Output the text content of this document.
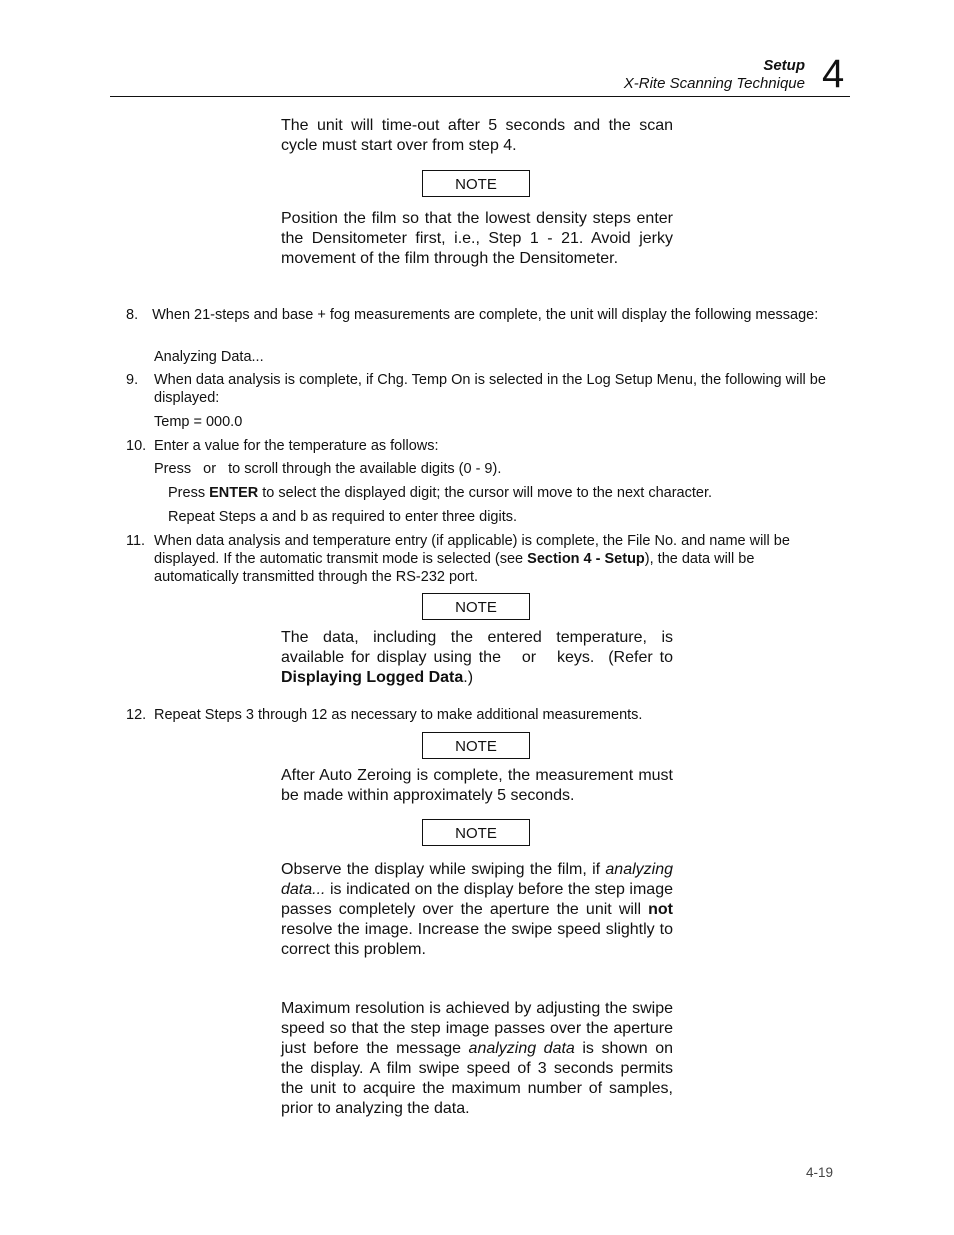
Setup
X-Rite Scanning Technique 4
The unit will time-out after 5 seconds and the scan cycle must start over from step 4.
NOTE
Position the film so that the lowest density steps enter the Densitometer first, i.e., Step 1 - 21. Avoid jerky movement of the film through the Densitometer.
8. When 21-steps and base + fog measurements are complete, the unit will display the following message:
Analyzing Data...
9. When data analysis is complete, if Chg. Temp On is selected in the Log Setup Menu, the following will be displayed:
Temp = 000.0
10. Enter a value for the temperature as follows:
Press   or   to scroll through the available digits (0 - 9).
Press ENTER to select the displayed digit; the cursor will move to the next character.
Repeat Steps a and b as required to enter three digits.
11. When data analysis and temperature entry (if applicable) is complete, the File No. and name will be displayed. If the automatic transmit mode is selected (see Section 4 - Setup), the data will be automatically transmitted through the RS-232 port.
NOTE
The data, including the entered temperature, is available for display using the   or   keys.  (Refer to Displaying Logged Data.)
12. Repeat Steps 3 through 12 as necessary to make additional measurements.
NOTE
After Auto Zeroing is complete, the measurement must be made within approximately 5 seconds.
NOTE
Observe the display while swiping the film, if analyzing data... is indicated on the display before the step image passes completely over the aperture the unit will not resolve the image. Increase the swipe speed slightly to correct this problem.
Maximum resolution is achieved by adjusting the swipe speed so that the step image passes over the aperture just before the message analyzing data is shown on the display. A film swipe speed of 3 seconds permits the unit to acquire the maximum number of samples, prior to analyzing the data.
4-19
